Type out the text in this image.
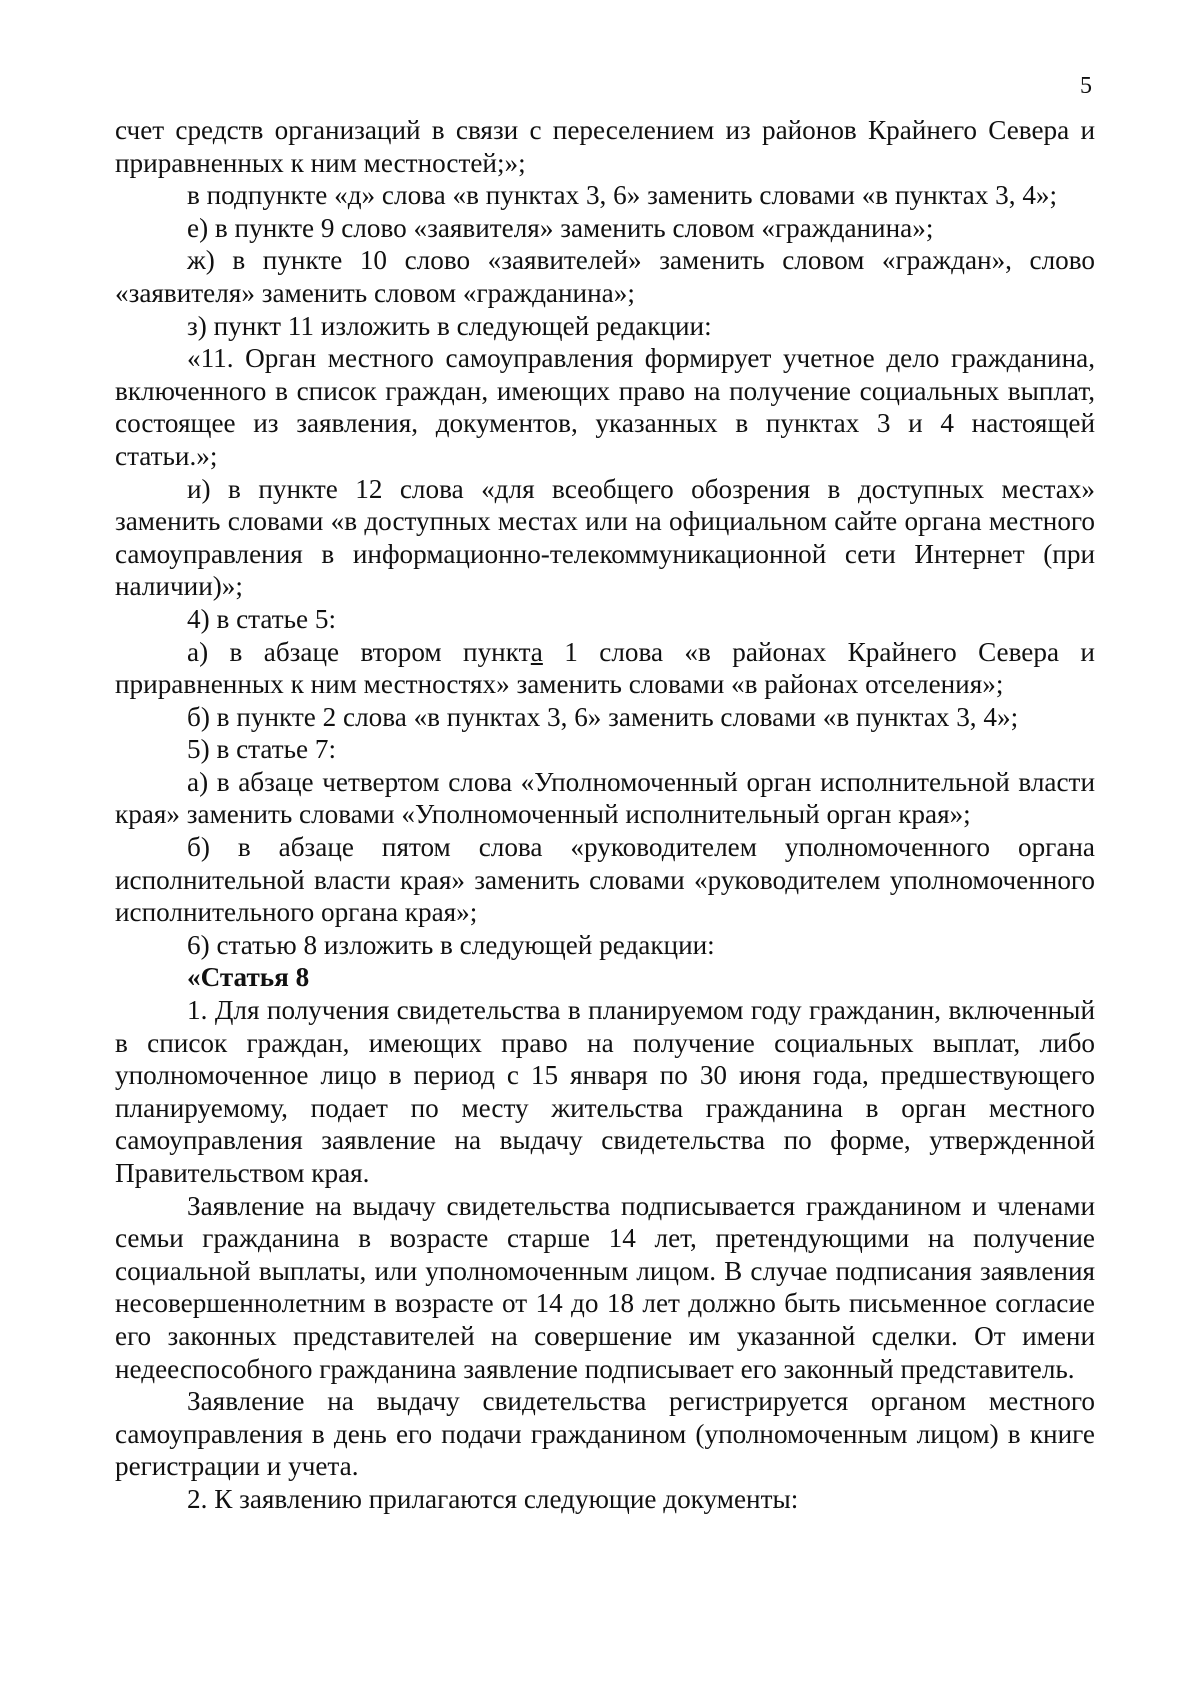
5

счет средств организаций в связи с переселением из районов Крайнего Севера и приравненных к ним местностей;»;

в подпункте «д» слова «в пунктах 3, 6» заменить словами «в пунктах 3, 4»;

е) в пункте 9 слово «заявителя» заменить словом «гражданина»;

ж) в пункте 10 слово «заявителей» заменить словом «граждан», слово «заявителя» заменить словом «гражданина»;

з) пункт 11 изложить в следующей редакции:

«11. Орган местного самоуправления формирует учетное дело гражданина, включенного в список граждан, имеющих право на получение социальных выплат, состоящее из заявления, документов, указанных в пунктах 3 и 4 настоящей статьи.»;

и) в пункте 12 слова «для всеобщего обозрения в доступных местах» заменить словами «в доступных местах или на официальном сайте органа местного самоуправления в информационно-телекоммуникационной сети Интернет (при наличии)»;

4) в статье 5:

а) в абзаце втором пункта 1 слова «в районах Крайнего Севера и приравненных к ним местностях» заменить словами «в районах отселения»;

б) в пункте 2 слова «в пунктах 3, 6» заменить словами «в пунктах 3, 4»;

5) в статье 7:

а) в абзаце четвертом слова «Уполномоченный орган исполнительной власти края» заменить словами «Уполномоченный исполнительный орган края»;

б) в абзаце пятом слова «руководителем уполномоченного органа исполнительной власти края» заменить словами «руководителем уполномоченного исполнительного органа края»;

6) статью 8 изложить в следующей редакции:

«Статья 8

1. Для получения свидетельства в планируемом году гражданин, включенный в список граждан, имеющих право на получение социальных выплат, либо уполномоченное лицо в период с 15 января по 30 июня года, предшествующего планируемому, подает по месту жительства гражданина в орган местного самоуправления заявление на выдачу свидетельства по форме, утвержденной Правительством края.

Заявление на выдачу свидетельства подписывается гражданином и членами семьи гражданина в возрасте старше 14 лет, претендующими на получение социальной выплаты, или уполномоченным лицом. В случае подписания заявления несовершеннолетним в возрасте от 14 до 18 лет должно быть письменное согласие его законных представителей на совершение им указанной сделки. От имени недееспособного гражданина заявление подписывает его законный представитель.

Заявление на выдачу свидетельства регистрируется органом местного самоуправления в день его подачи гражданином (уполномоченным лицом) в книге регистрации и учета.

2. К заявлению прилагаются следующие документы:
